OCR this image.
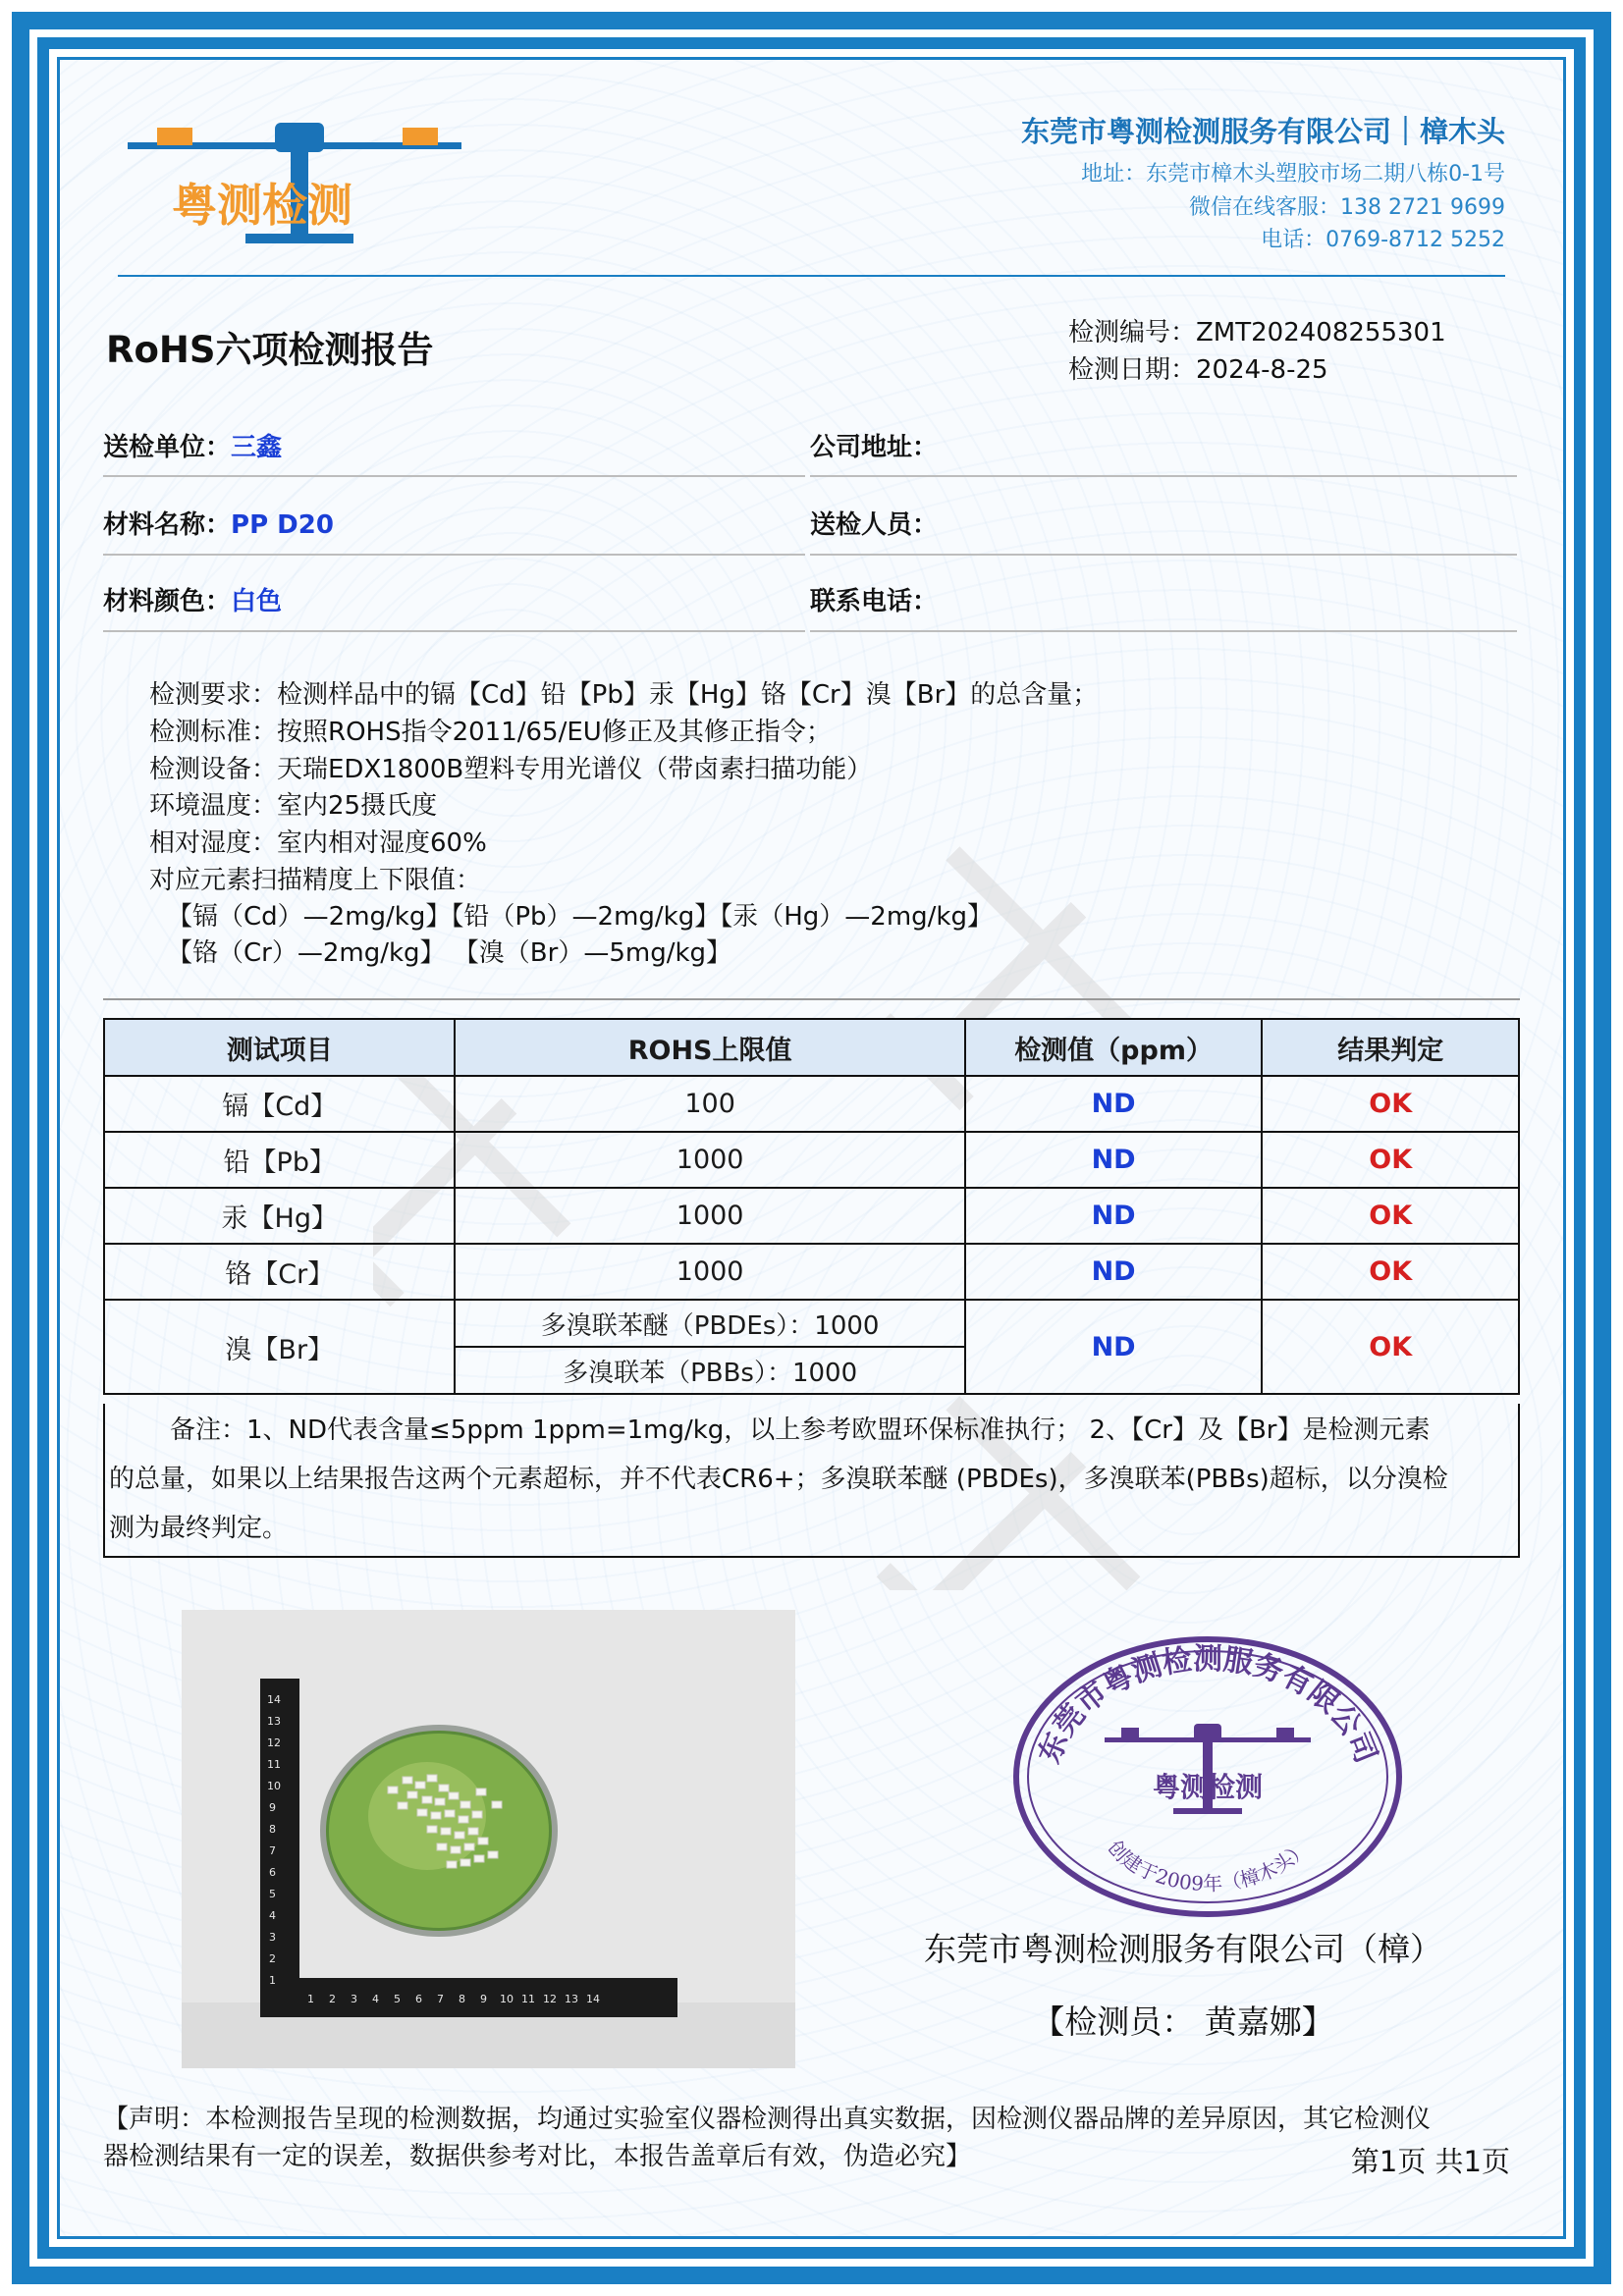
粤测检测
东莞市粤测检测服务有限公司｜樟木头
地址：东莞市樟木头塑胶市场二期八栋0-1号
微信在线客服：138 2721 9699
电话：0769-8712 5252
RoHS六项检测报告	检测编号：ZMT202408255301
检测日期：2024-8-25
送检单位：三鑫	公司地址：
材料名称：PP D20	送检人员：
材料颜色：白色	联系电话：
检测要求：检测样品中的镉【Cd】铅【Pb】汞【Hg】铬【Cr】溴【Br】的总含量；
检测标准：按照ROHS指令2011/65/EU修正及其修正指令；
检测设备：天瑞EDX1800B塑料专用光谱仪（带卤素扫描功能）
环境温度：室内25摄氏度
相对湿度：室内相对湿度60%
对应元素扫描精度上下限值：
【镉（Cd）—2mg/kg】【铅（Pb）—2mg/kg】【汞（Hg）—2mg/kg】
【铬（Cr）—2mg/kg】 【溴（Br）—5mg/kg】
测试项目	ROHS上限值	检测值（ppm）	结果判定
镉【Cd】	100	ND	OK
铅【Pb】	1000	ND	OK
汞【Hg】	1000	ND	OK
铬【Cr】	1000	ND	OK
溴【Br】	多溴联苯醚（PBDEs）：1000	ND	OK
	多溴联苯（PBBs）：1000		
备注：1、ND代表含量≤5ppm 1ppm=1mg/kg，以上参考欧盟环保标准执行； 2、【Cr】及【Br】是检测元素
的总量，如果以上结果报告这两个元素超标，并不代表CR6+；多溴联苯醚 (PBDEs)，多溴联苯(PBBs)超标，以分溴检
测为最终判定。
14
13
12
11
10
9
8
7
6
5
4
3
2
1
1 2 3 4 5 6 7 8 9 10 11 12 13 14
东莞市粤测检测服务有限公司
创建于2009年（樟木头）
粤测检测
东莞市粤测检测服务有限公司（樟）
【检测员： 黄嘉娜】
【声明：本检测报告呈现的检测数据，均通过实验室仪器检测得出真实数据，因检测仪器品牌的差异原因，其它检测仪
器检测结果有一定的误差，数据供参考对比，本报告盖章后有效，伪造必究】	第1页 共1页
